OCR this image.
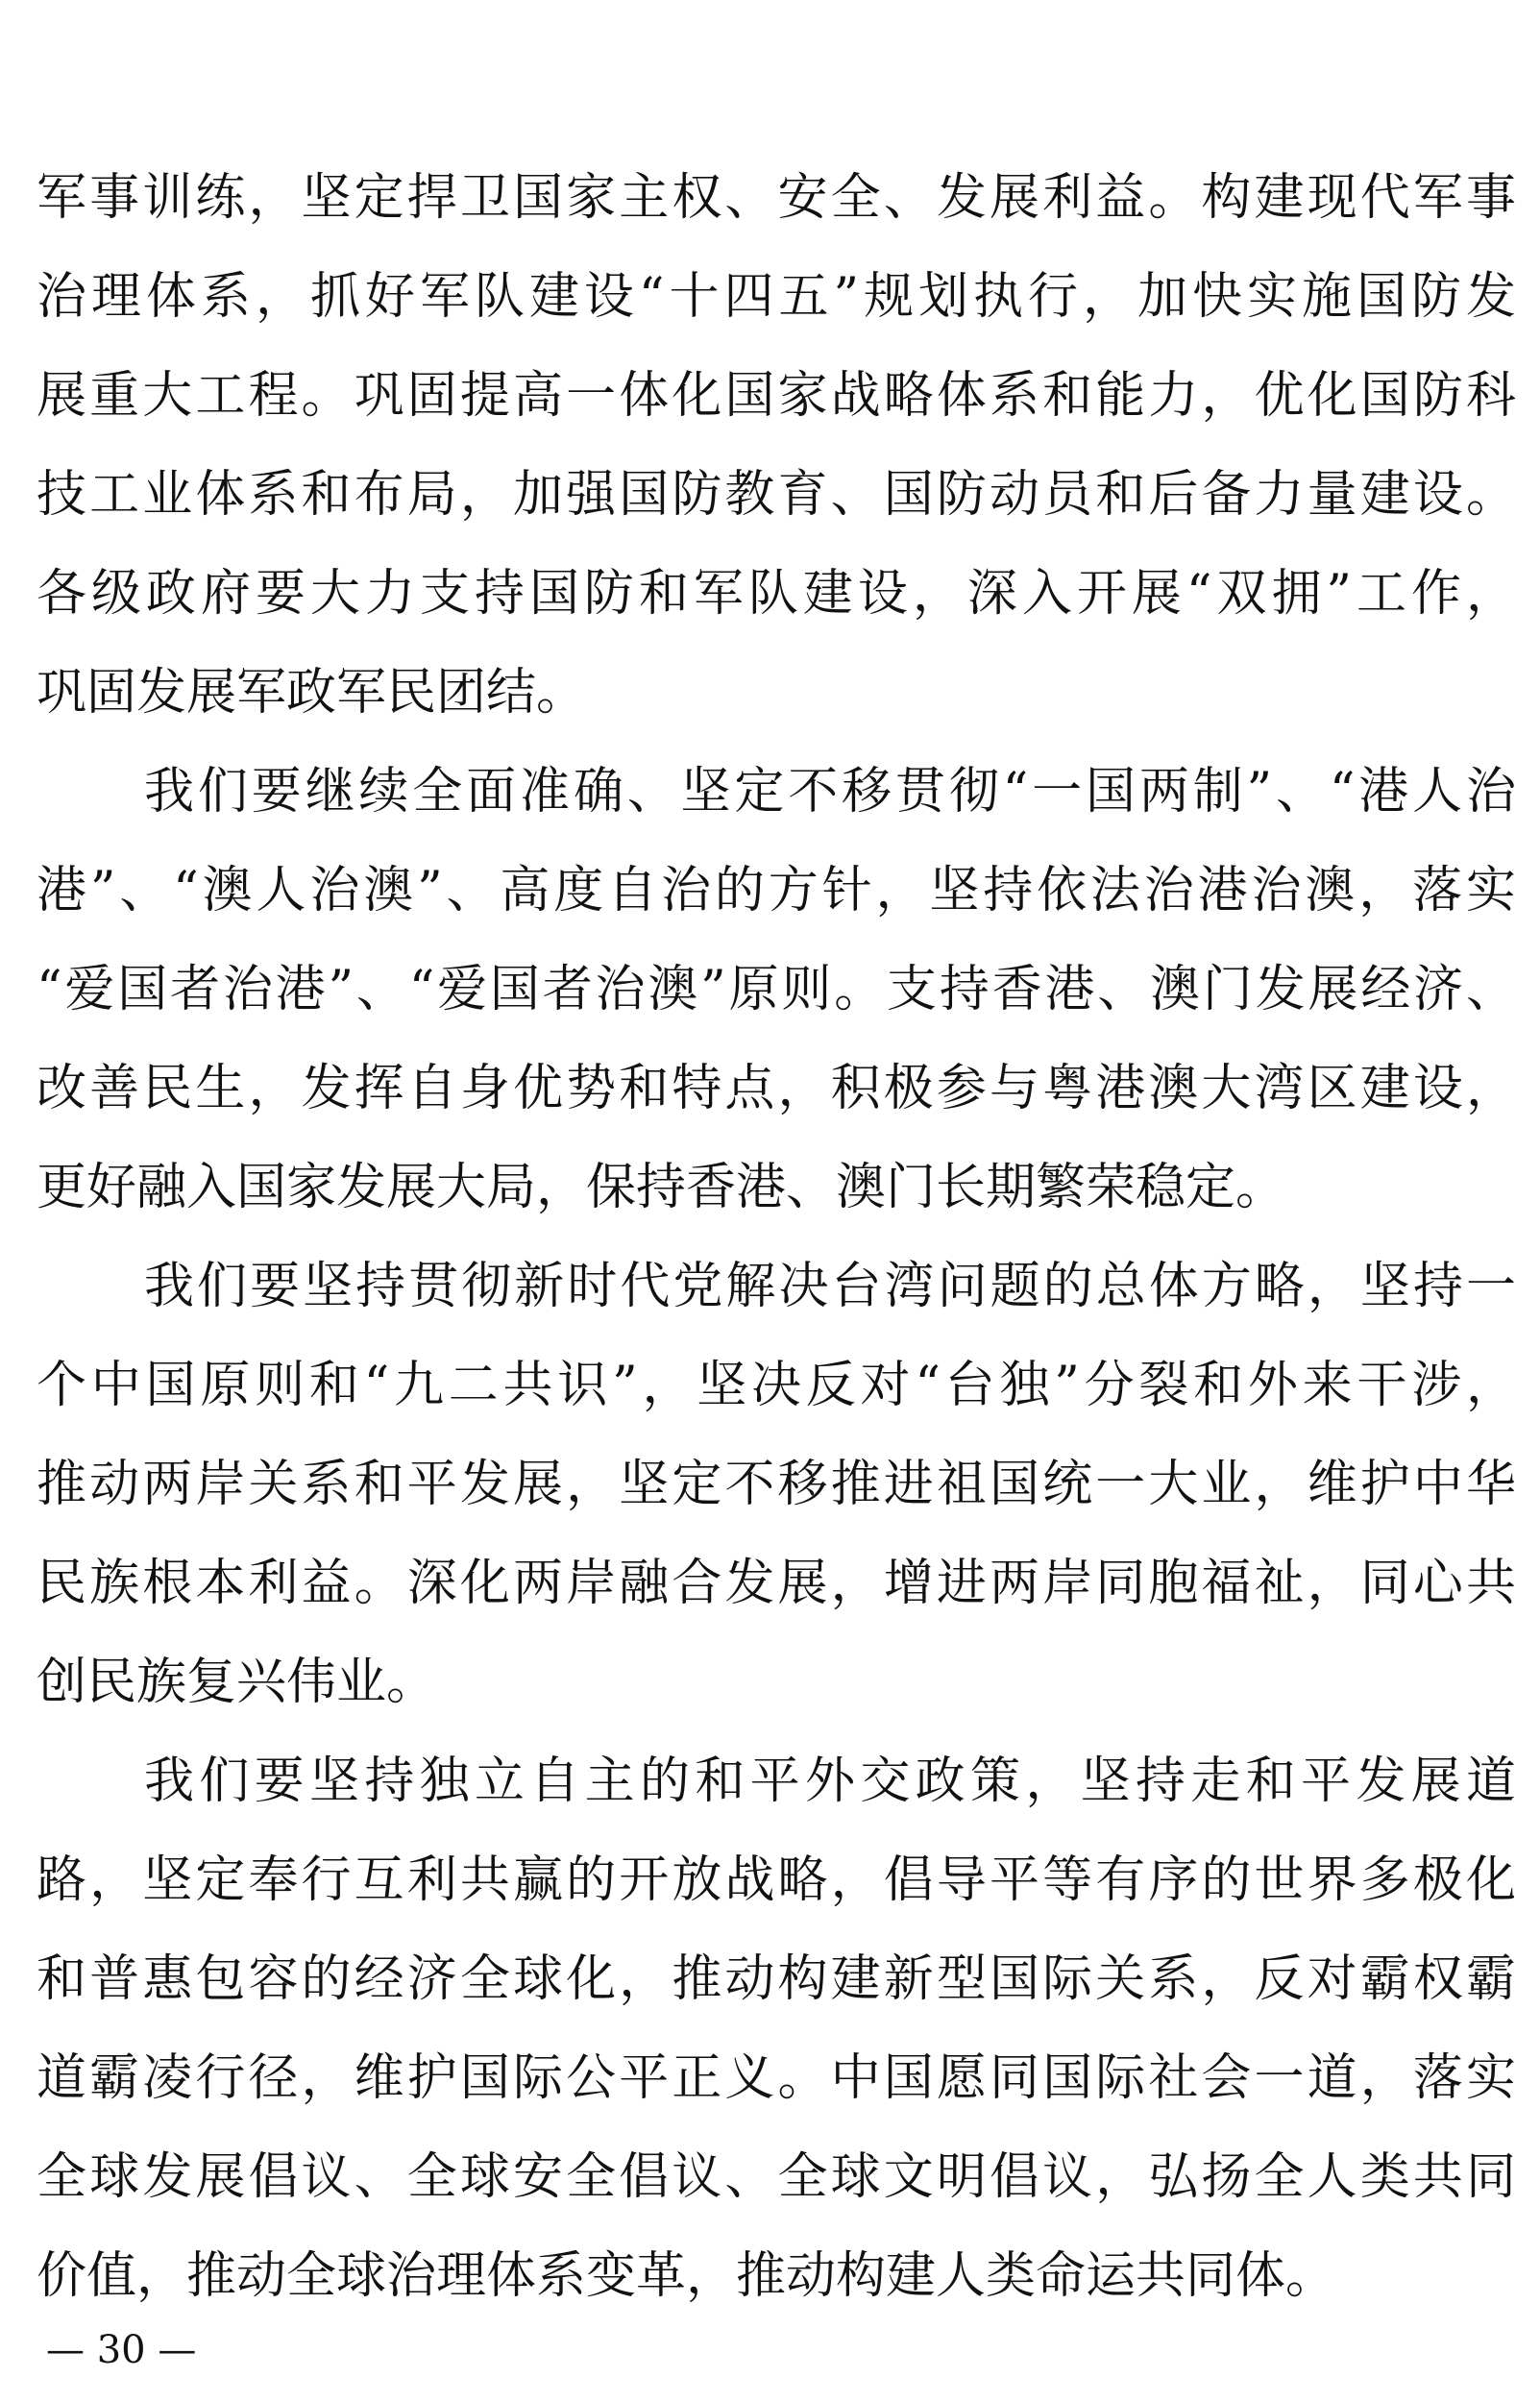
军事训练，坚定捍卫国家主权、安全、发展利益。构建现代军事
治理体系，抓好军队建设“十四五”规划执行，加快实施国防发
展重大工程。巩固提高一体化国家战略体系和能力，优化国防科
技工业体系和布局，加强国防教育、国防动员和后备力量建设。
各级政府要大力支持国防和军队建设，深入开展“双拥”工作，
巩固发展军政军民团结。
我们要继续全面准确、坚定不移贯彻“一国两制”、“港人治
港”、“澳人治澳”、高度自治的方针，坚持依法治港治澳，落实
“爱国者治港”、“爱国者治澳”原则。支持香港、澳门发展经济、
改善民生，发挥自身优势和特点，积极参与粤港澳大湾区建设，
更好融入国家发展大局，保持香港、澳门长期繁荣稳定。
我们要坚持贯彻新时代党解决台湾问题的总体方略，坚持一
个中国原则和“九二共识”，坚决反对“台独”分裂和外来干涉，
推动两岸关系和平发展，坚定不移推进祖国统一大业，维护中华
民族根本利益。深化两岸融合发展，增进两岸同胞福祉，同心共
创民族复兴伟业。
我们要坚持独立自主的和平外交政策，坚持走和平发展道
路，坚定奉行互利共赢的开放战略，倡导平等有序的世界多极化
和普惠包容的经济全球化，推动构建新型国际关系，反对霸权霸
道霸凌行径，维护国际公平正义。中国愿同国际社会一道，落实
全球发展倡议、全球安全倡议、全球文明倡议，弘扬全人类共同
价值，推动全球治理体系变革，推动构建人类命运共同体。
— 30 —
